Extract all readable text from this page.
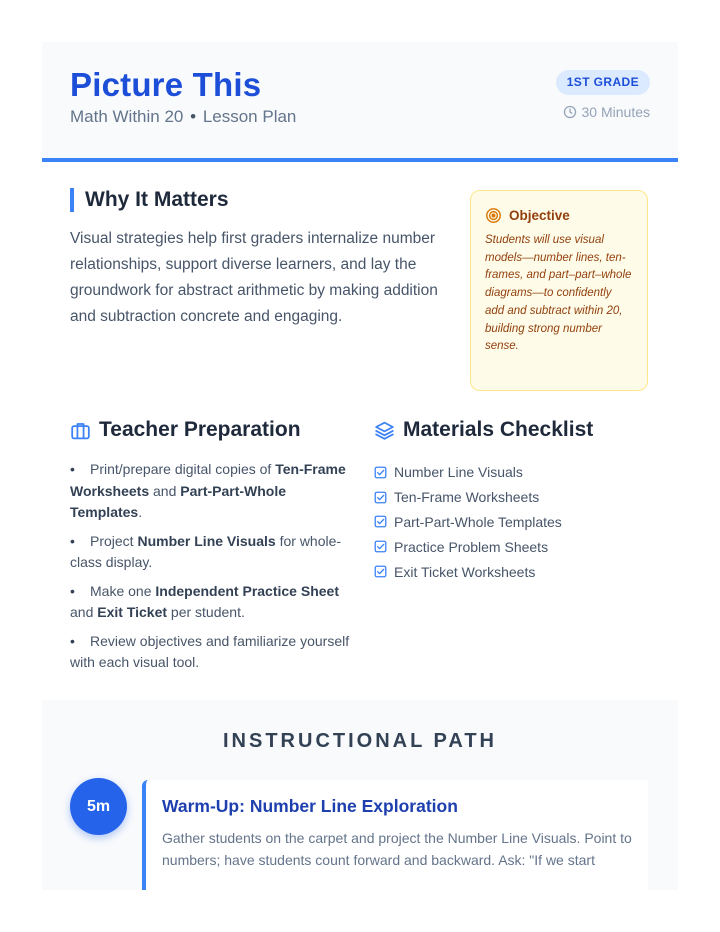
Picture This
Math Within 20 • Lesson Plan
1ST GRADE
30 Minutes
Why It Matters
Visual strategies help first graders internalize number relationships, support diverse learners, and lay the groundwork for abstract arithmetic by making addition and subtraction concrete and engaging.
Objective
Students will use visual models—number lines, ten-frames, and part–part–whole diagrams—to confidently add and subtract within 20, building strong number sense.
Teacher Preparation
• Print/prepare digital copies of Ten-Frame Worksheets and Part-Part-Whole Templates.
• Project Number Line Visuals for whole-class display.
• Make one Independent Practice Sheet and Exit Ticket per student.
• Review objectives and familiarize yourself with each visual tool.
Materials Checklist
Number Line Visuals
Ten-Frame Worksheets
Part-Part-Whole Templates
Practice Problem Sheets
Exit Ticket Worksheets
INSTRUCTIONAL PATH
5m	Warm-Up: Number Line Exploration
Gather students on the carpet and project the Number Line Visuals. Point to numbers; have students count forward and backward. Ask: "If we start
